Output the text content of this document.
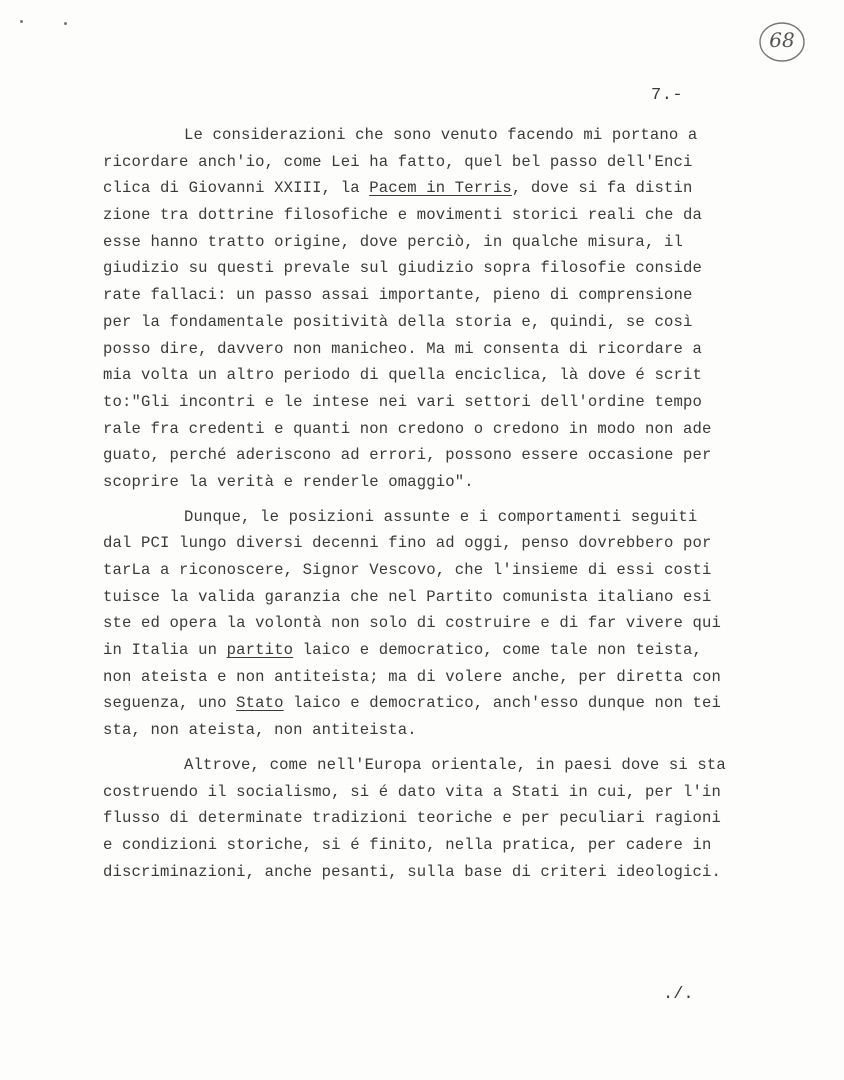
68
7.-
Le considerazioni che sono venuto facendo mi portano a
ricordare anch'io, come Lei ha fatto, quel bel passo dell'Enci
clica di Giovanni XXIII, la Pacem in Terris, dove si fa distin
zione tra dottrine filosofiche e movimenti storici reali che da
esse hanno tratto origine, dove perciò, in qualche misura, il
giudizio su questi prevale sul giudizio sopra filosofie conside
rate fallaci: un passo assai importante, pieno di comprensione
per la fondamentale positività della storia e, quindi, se così
posso dire, davvero non manicheo. Ma mi consenta di ricordare a
mia volta un altro periodo di quella enciclica, là dove é scrit
to:"Gli incontri e le intese nei vari settori dell'ordine tempo
rale fra credenti e quanti non credono o credono in modo non ade
guato, perché aderiscono ad errori, possono essere occasione per
scoprire la verità e renderle omaggio".
Dunque, le posizioni assunte e i comportamenti seguiti
dal PCI lungo diversi decenni fino ad oggi, penso dovrebbero por
tarLa a riconoscere, Signor Vescovo, che l'insieme di essi costi
tuisce la valida garanzia che nel Partito comunista italiano esi
ste ed opera la volontà non solo di costruire e di far vivere qui
in Italia un partito laico e democratico, come tale non teista,
non ateista e non antiteista; ma di volere anche, per diretta con
seguenza, uno Stato laico e democratico, anch'esso dunque non tei
sta, non ateista, non antiteista.
Altrove, come nell'Europa orientale, in paesi dove si sta
costruendo il socialismo, si é dato vita a Stati in cui, per l'in
flusso di determinate tradizioni teoriche e per peculiari ragioni
e condizioni storiche, si é finito, nella pratica, per cadere in
discriminazioni, anche pesanti, sulla base di criteri ideologici.
./.
